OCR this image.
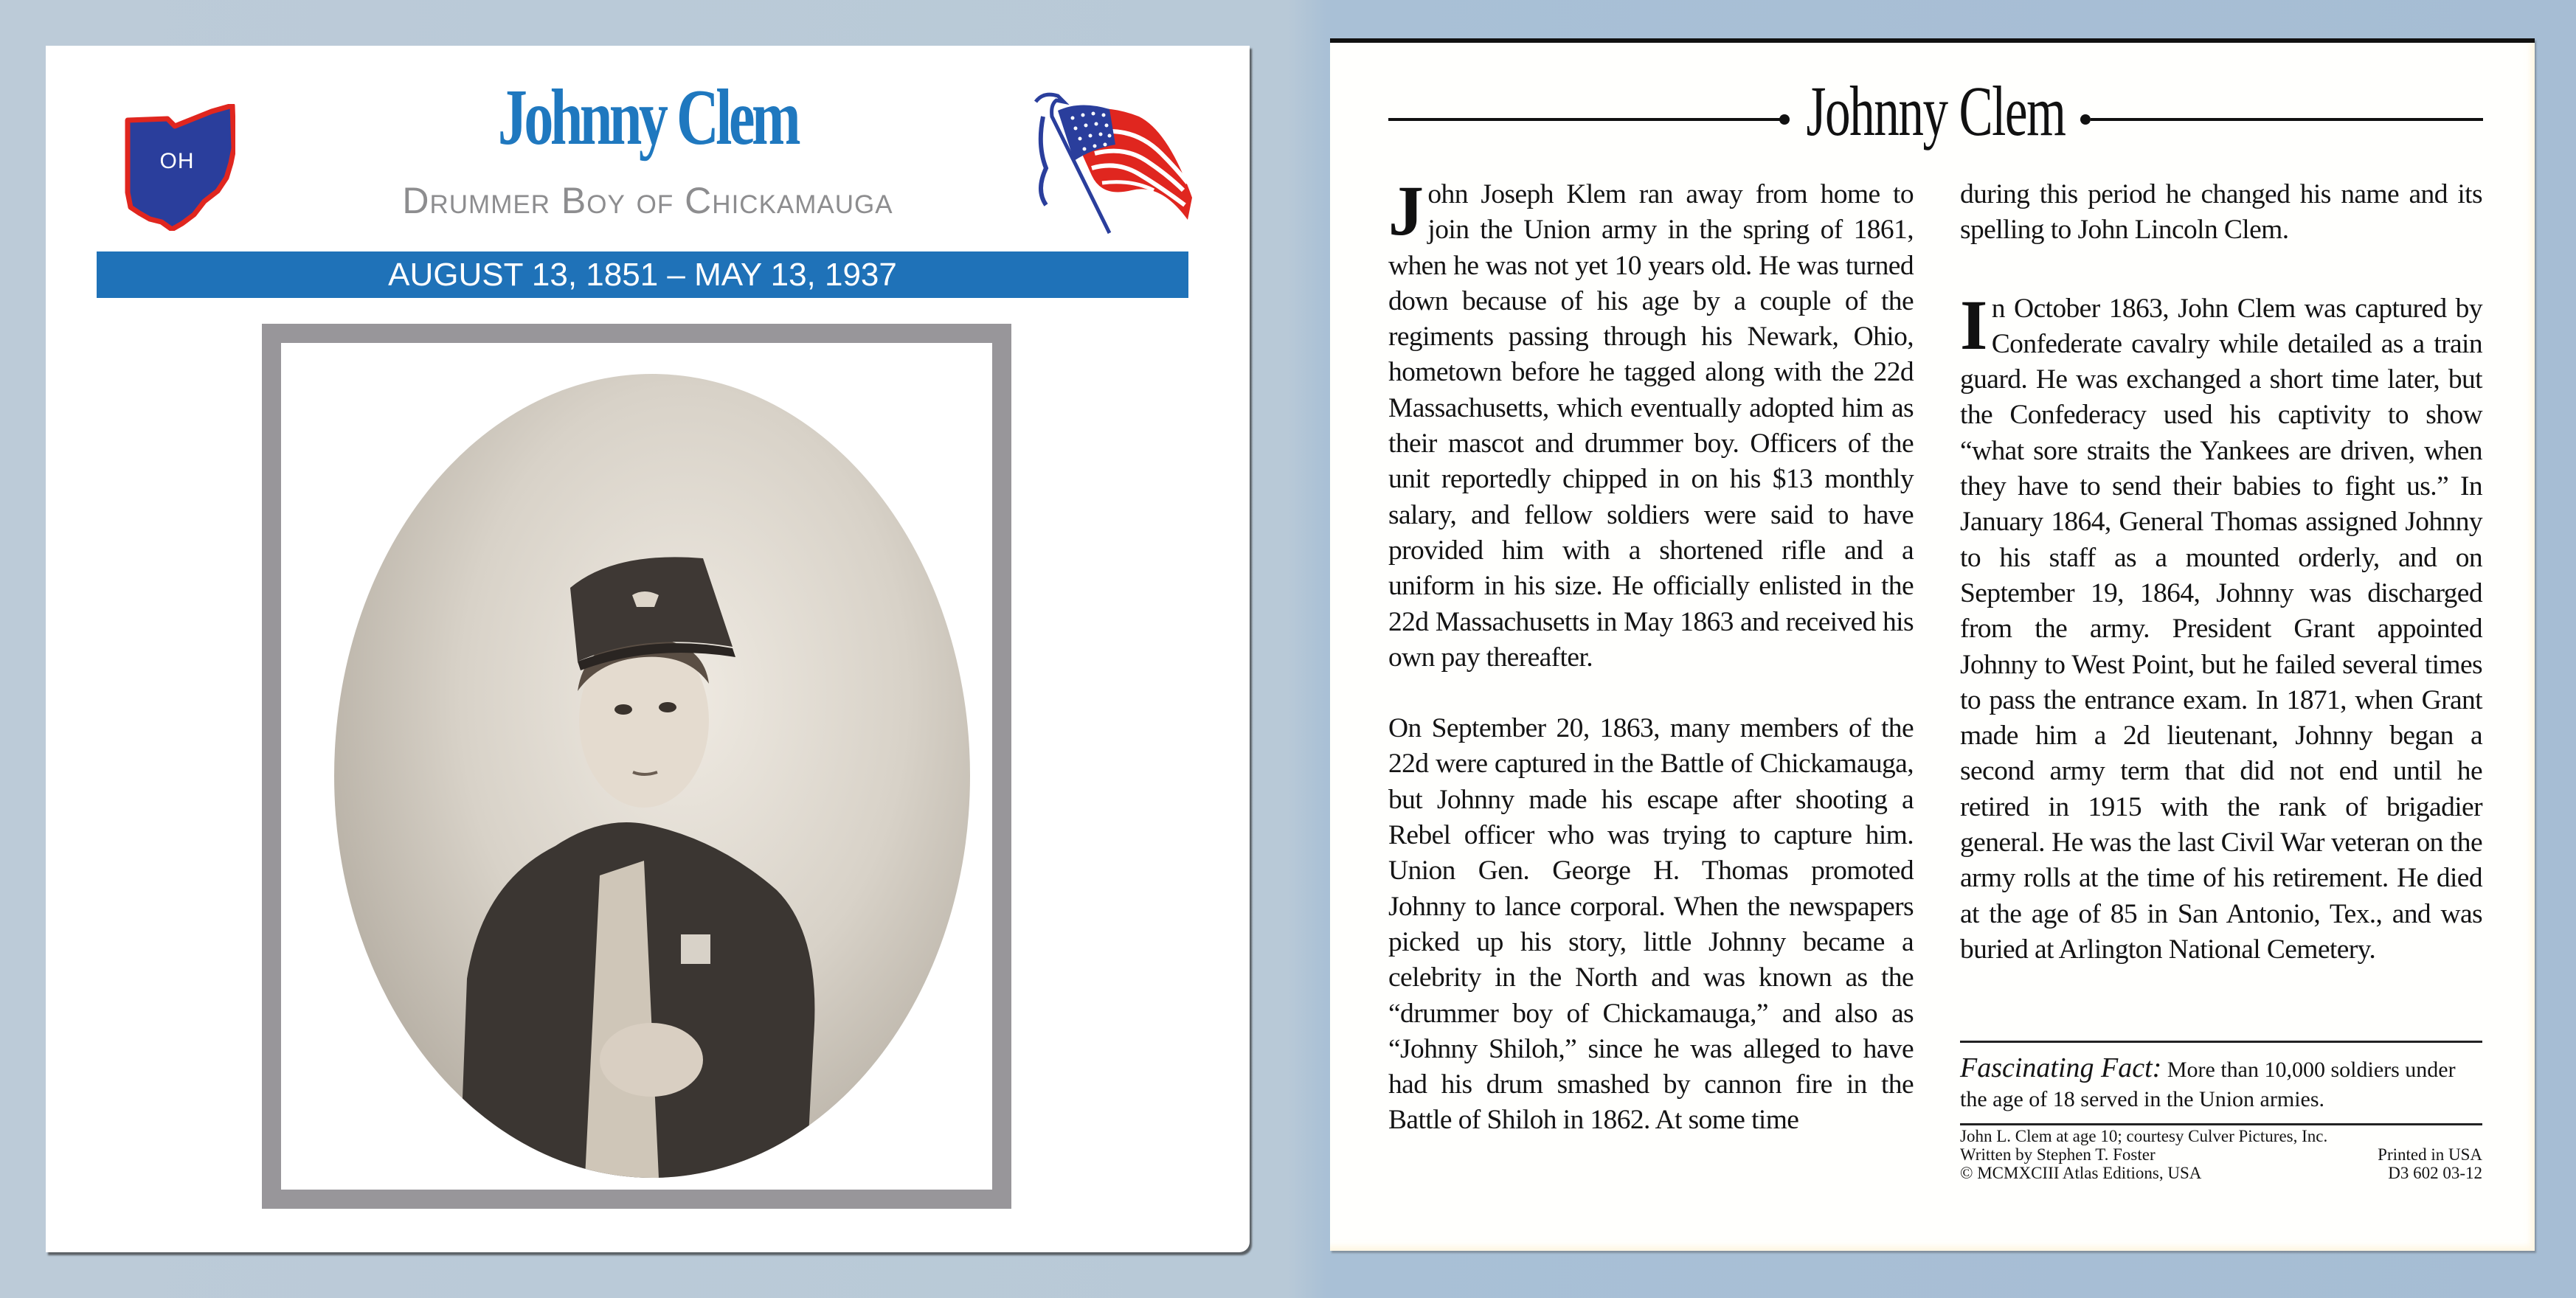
OH	Johnny Clem
Drummer Boy of Chickamauga
AUGUST 13, 1851 – MAY 13, 1937
Johnny Clem

John Joseph Klem ran away from home to join the Union army in the spring of 1861, when he was not yet 10 years old. He was turned down because of his age by a couple of the regiments passing through his Newark, Ohio, hometown before he tagged along with the 22d Massachusetts, which eventually adopted him as their mascot and drummer boy. Officers of the unit reportedly chipped in on his $13 monthly salary, and fellow soldiers were said to have provided him with a shortened rifle and a uniform in his size. He officially enlisted in the 22d Massachusetts in May 1863 and received his own pay thereafter.

On September 20, 1863, many members of the 22d were captured in the Battle of Chickamauga, but Johnny made his escape after shooting a Rebel officer who was trying to capture him. Union Gen. George H. Thomas promoted Johnny to lance corporal. When the newspapers picked up his story, little Johnny became a celebrity in the North and was known as the “drummer boy of Chickamauga,” and also as “Johnny Shiloh,” since he was alleged to have had his drum smashed by cannon fire in the Battle of Shiloh in 1862. At some time

during this period he changed his name and its spelling to John Lincoln Clem.

In October 1863, John Clem was captured by Confederate cavalry while detailed as a train guard. He was exchanged a short time later, but the Confederacy used his captivity to show “what sore straits the Yankees are driven, when they have to send their babies to fight us.” In January 1864, General Thomas assigned Johnny to his staff as a mounted orderly, and on September 19, 1864, Johnny was discharged from the army. President Grant appointed Johnny to West Point, but he failed several times to pass the entrance exam. In 1871, when Grant made him a 2d lieutenant, Johnny began a second army term that did not end until he retired in 1915 with the rank of brigadier general. He was the last Civil War veteran on the army rolls at the time of his retirement. He died at the age of 85 in San Antonio, Tex., and was buried at Arlington National Cemetery.

Fascinating Fact: More than 10,000 soldiers under the age of 18 served in the Union armies.
John L. Clem at age 10; courtesy Culver Pictures, Inc.
Written by Stephen T. Foster	Printed in USA
© MCMXCIII Atlas Editions, USA	D3 602 03-12
